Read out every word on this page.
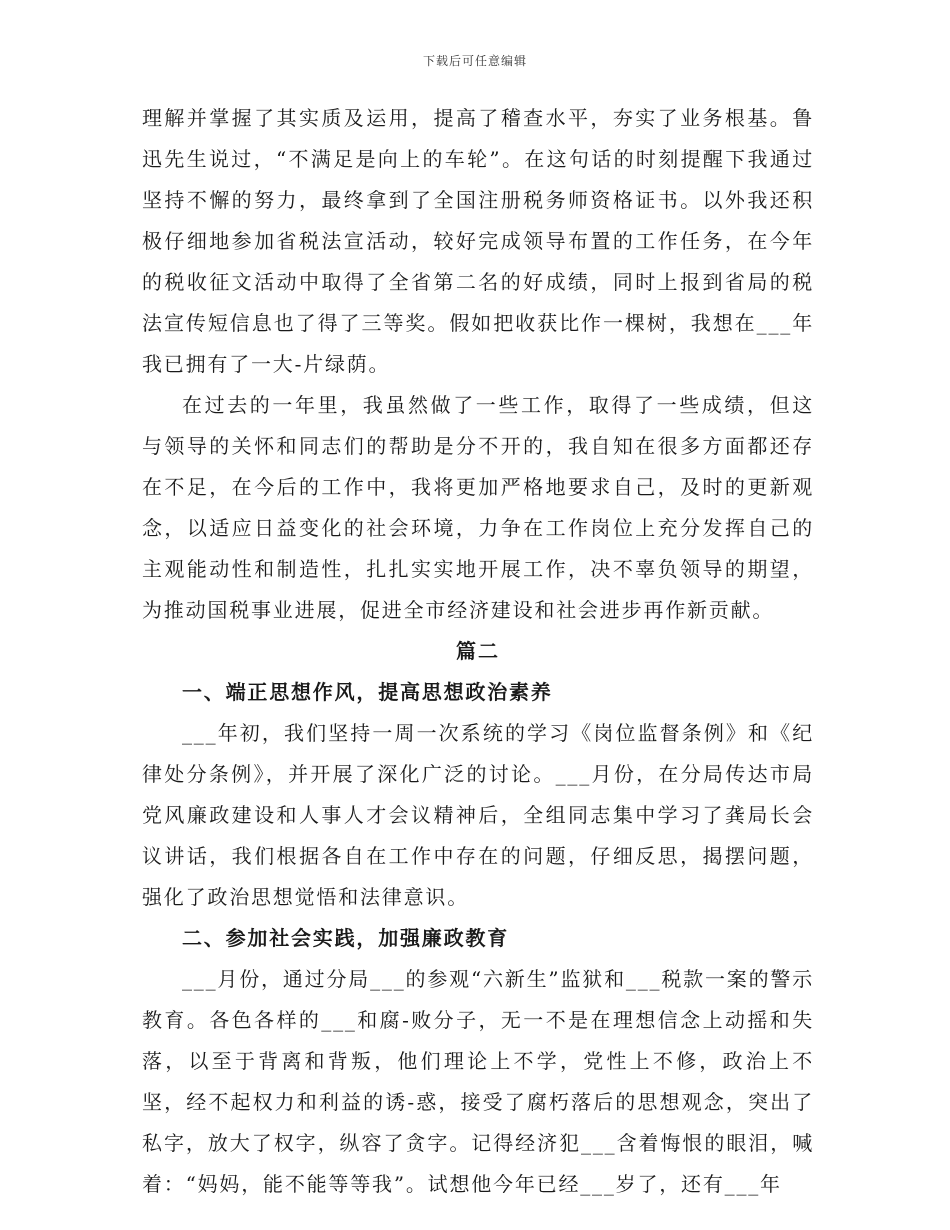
下载后可任意编辑

理解并掌握了其实质及运用，提高了稽查水平，夯实了业务根基。鲁迅先生说过，“不满足是向上的车轮”。在这句话的时刻提醒下我通过坚持不懈的努力，最终拿到了全国注册税务师资格证书。以外我还积极仔细地参加省税法宣活动，较好完成领导布置的工作任务，在今年的税收征文活动中取得了全省第二名的好成绩，同时上报到省局的税法宣传短信息也了得了三等奖。假如把收获比作一棵树，我想在___年我已拥有了一大-片绿荫。

在过去的一年里，我虽然做了一些工作，取得了一些成绩，但这与领导的关怀和同志们的帮助是分不开的，我自知在很多方面都还存在不足，在今后的工作中，我将更加严格地要求自己，及时的更新观念，以适应日益变化的社会环境，力争在工作岗位上充分发挥自己的主观能动性和制造性，扎扎实实地开展工作，决不辜负领导的期望，为推动国税事业进展，促进全市经济建设和社会进步再作新贡献。

篇二
一、端正思想作风，提高思想政治素养

___年初，我们坚持一周一次系统的学习《岗位监督条例》和《纪律处分条例》，并开展了深化广泛的讨论。___月份，在分局传达市局党风廉政建设和人事人才会议精神后，全组同志集中学习了龚局长会议讲话，我们根据各自在工作中存在的问题，仔细反思，揭摆问题，强化了政治思想觉悟和法律意识。

二、参加社会实践，加强廉政教育

___月份，通过分局___的参观“六新生”监狱和___税款一案的警示教育。各色各样的___和腐-败分子，无一不是在理想信念上动摇和失落，以至于背离和背叛，他们理论上不学，党性上不修，政治上不坚，经不起权力和利益的诱-惑，接受了腐朽落后的思想观念，突出了私字，放大了权字，纵容了贪字。记得经济犯___含着悔恨的眼泪，喊着：“妈妈，能不能等等我”。试想他今年已经___岁了，还有___年
